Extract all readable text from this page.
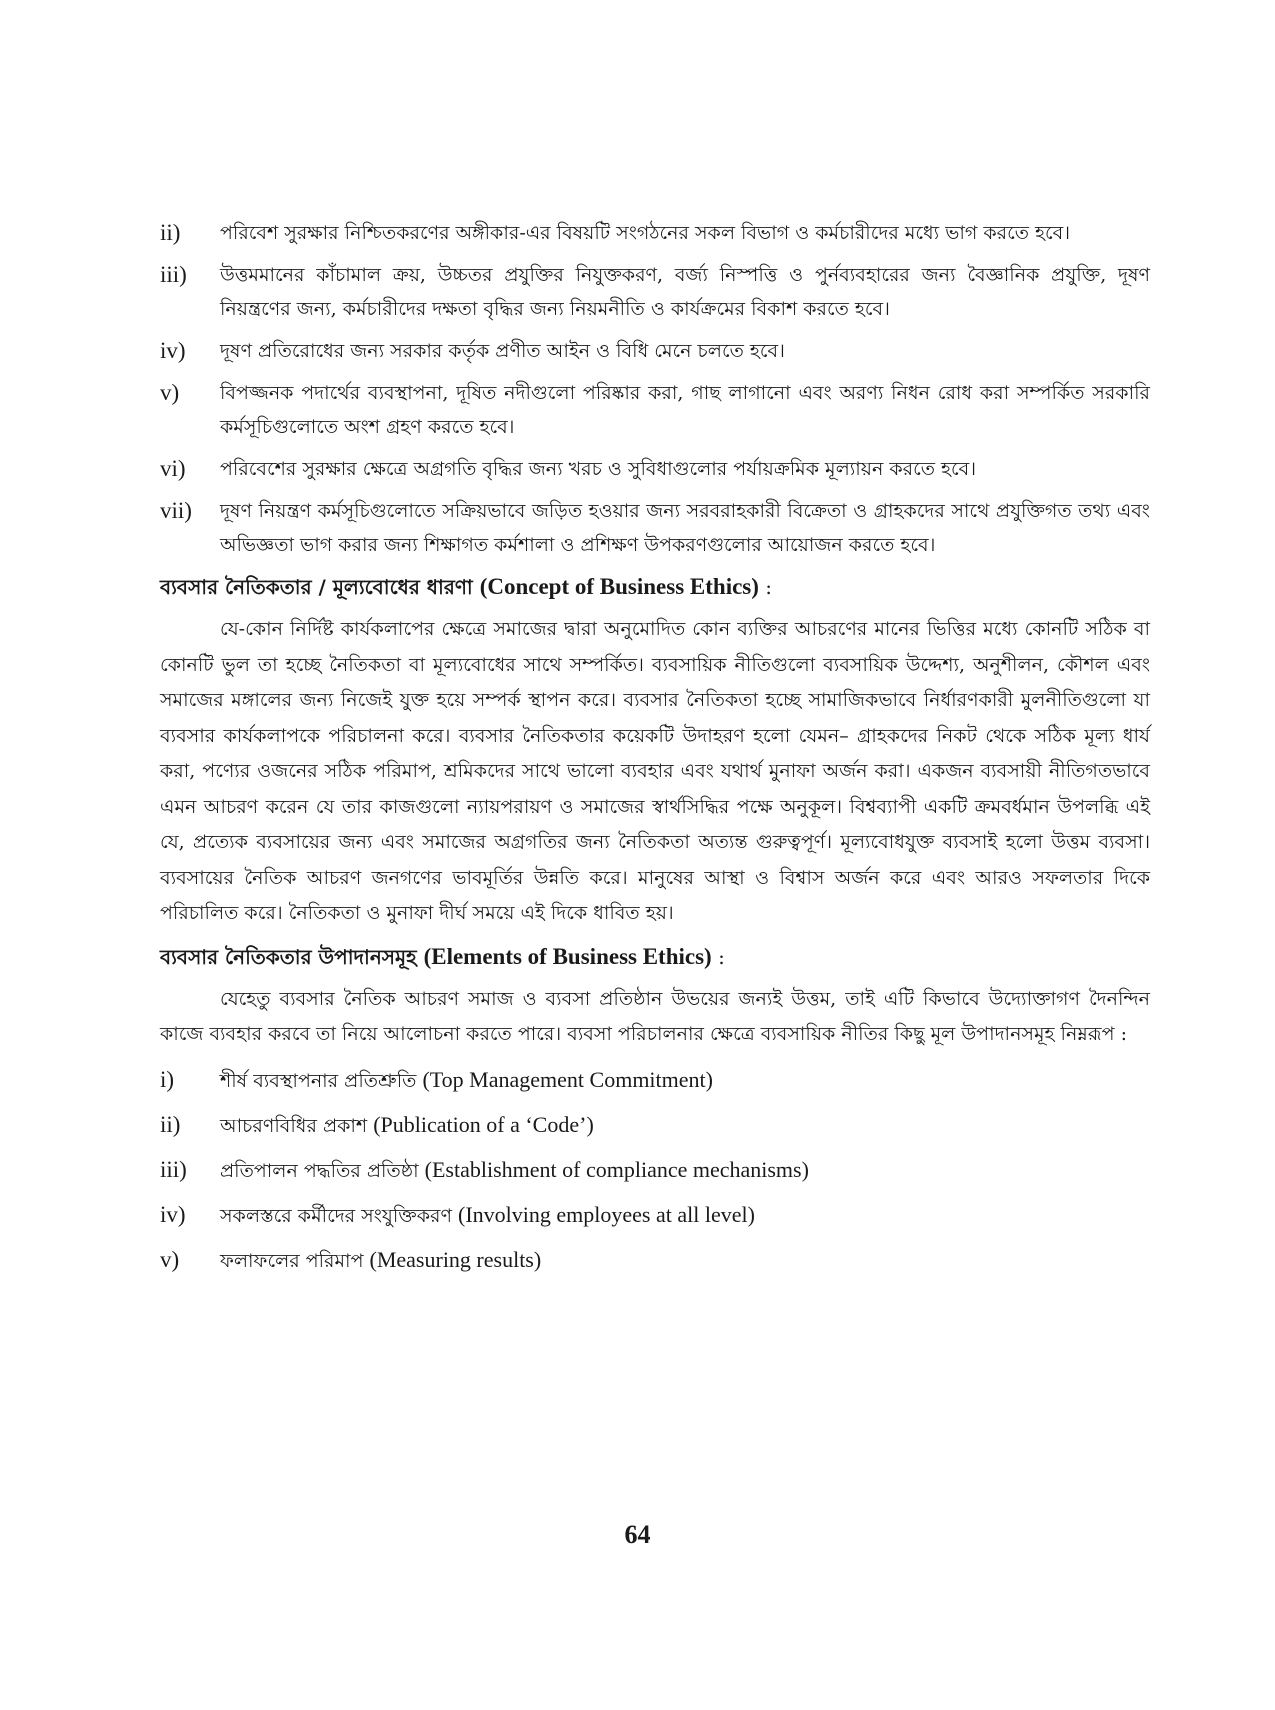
ii)	পরিবেশ সুরক্ষার নিশ্চিতকরণের অঙ্গীকার-এর বিষয়টি সংগঠনের সকল বিভাগ ও কর্মচারীদের মধ্যে ভাগ করতে হবে।
iii)	উত্তমমানের কাঁচামাল ক্রয়, উচ্চতর প্রযুক্তির নিযুক্তকরণ, বর্জ্য নিস্পত্তি ও পুর্নব্যবহারের জন্য বৈজ্ঞানিক প্রযুক্তি, দূষণ নিয়ন্ত্রণের জন্য, কর্মচারীদের দক্ষতা বৃদ্ধির জন্য নিয়মনীতি ও কার্যক্রমের বিকাশ করতে হবে।
iv)	দূষণ প্রতিরোধের জন্য সরকার কর্তৃক প্রণীত আইন ও বিধি মেনে চলতে হবে।
v)	বিপজ্জনক পদার্থের ব্যবস্থাপনা, দূষিত নদীগুলো পরিষ্কার করা, গাছ লাগানো এবং অরণ্য নিধন রোধ করা সম্পর্কিত সরকারি কর্মসূচিগুলোতে অংশ গ্রহণ করতে হবে।
vi)	পরিবেশের সুরক্ষার ক্ষেত্রে অগ্রগতি বৃদ্ধির জন্য খরচ ও সুবিধাগুলোর পর্যায়ক্রমিক মূল্যায়ন করতে হবে।
vii)	দূষণ নিয়ন্ত্রণ কর্মসূচিগুলোতে সক্রিয়ভাবে জড়িত হওয়ার জন্য সরবরাহকারী বিক্রেতা ও গ্রাহকদের সাথে প্রযুক্তিগত তথ্য এবং অভিজ্ঞতা ভাগ করার জন্য শিক্ষাগত কর্মশালা ও প্রশিক্ষণ উপকরণগুলোর আয়োজন করতে হবে।
ব্যবসার নৈতিকতার / মূল্যবোধের ধারণা (Concept of Business Ethics) :

যে-কোন নির্দিষ্ট কার্যকলাপের ক্ষেত্রে সমাজের দ্বারা অনুমোদিত কোন ব্যক্তির আচরণের মানের ভিত্তির মধ্যে কোনটি সঠিক বা কোনটি ভুল তা হচ্ছে নৈতিকতা বা মূল্যবোধের সাথে সম্পর্কিত। ব্যবসায়িক নীতিগুলো ব্যবসায়িক উদ্দেশ্য, অনুশীলন, কৌশল এবং সমাজের মঙ্গালের জন্য নিজেই যুক্ত হয়ে সম্পর্ক স্থাপন করে। ব্যবসার নৈতিকতা হচ্ছে সামাজিকভাবে নির্ধারণকারী মুলনীতিগুলো যা ব্যবসার কার্যকলাপকে পরিচালনা করে। ব্যবসার নৈতিকতার কয়েকটি উদাহরণ হলো যেমন– গ্রাহকদের নিকট থেকে সঠিক মূল্য ধার্য করা, পণ্যের ওজনের সঠিক পরিমাপ, শ্রমিকদের সাথে ভালো ব্যবহার এবং যথার্থ মুনাফা অর্জন করা। একজন ব্যবসায়ী নীতিগতভাবে এমন আচরণ করেন যে তার কাজগুলো ন্যায়পরায়ণ ও সমাজের স্বার্থসিদ্ধির পক্ষে অনুকূল। বিশ্বব্যাপী একটি ক্রমবর্ধমান উপলব্ধি এই যে, প্রত্যেক ব্যবসায়ের জন্য এবং সমাজের অগ্রগতির জন্য নৈতিকতা অত্যন্ত গুরুত্বপূর্ণ। মূল্যবোধযুক্ত ব্যবসাই হলো উত্তম ব্যবসা। ব্যবসায়ের নৈতিক আচরণ জনগণের ভাবমূর্তির উন্নতি করে। মানুষের আস্থা ও বিশ্বাস অর্জন করে এবং আরও সফলতার দিকে পরিচালিত করে। নৈতিকতা ও মুনাফা দীর্ঘ সময়ে এই দিকে ধাবিত হয়।

ব্যবসার নৈতিকতার উপাদানসমূহ (Elements of Business Ethics) :

যেহেতু ব্যবসার নৈতিক আচরণ সমাজ ও ব্যবসা প্রতিষ্ঠান উভয়ের জন্যই উত্তম, তাই এটি কিভাবে উদ্যোক্তাগণ দৈনন্দিন কাজে ব্যবহার করবে তা নিয়ে আলোচনা করতে পারে। ব্যবসা পরিচালনার ক্ষেত্রে ব্যবসায়িক নীতির কিছু মূল উপাদানসমূহ নিম্নরূপ :

i)	শীর্ষ ব্যবস্থাপনার প্রতিশ্রুতি (Top Management Commitment)
ii)	আচরণবিধির প্রকাশ (Publication of a ‘Code’)
iii)	প্রতিপালন পদ্ধতির প্রতিষ্ঠা (Establishment of compliance mechanisms)
iv)	সকলস্তরে কর্মীদের সংযুক্তিকরণ (Involving employees at all level)
v)	ফলাফলের পরিমাপ (Measuring results)
64
